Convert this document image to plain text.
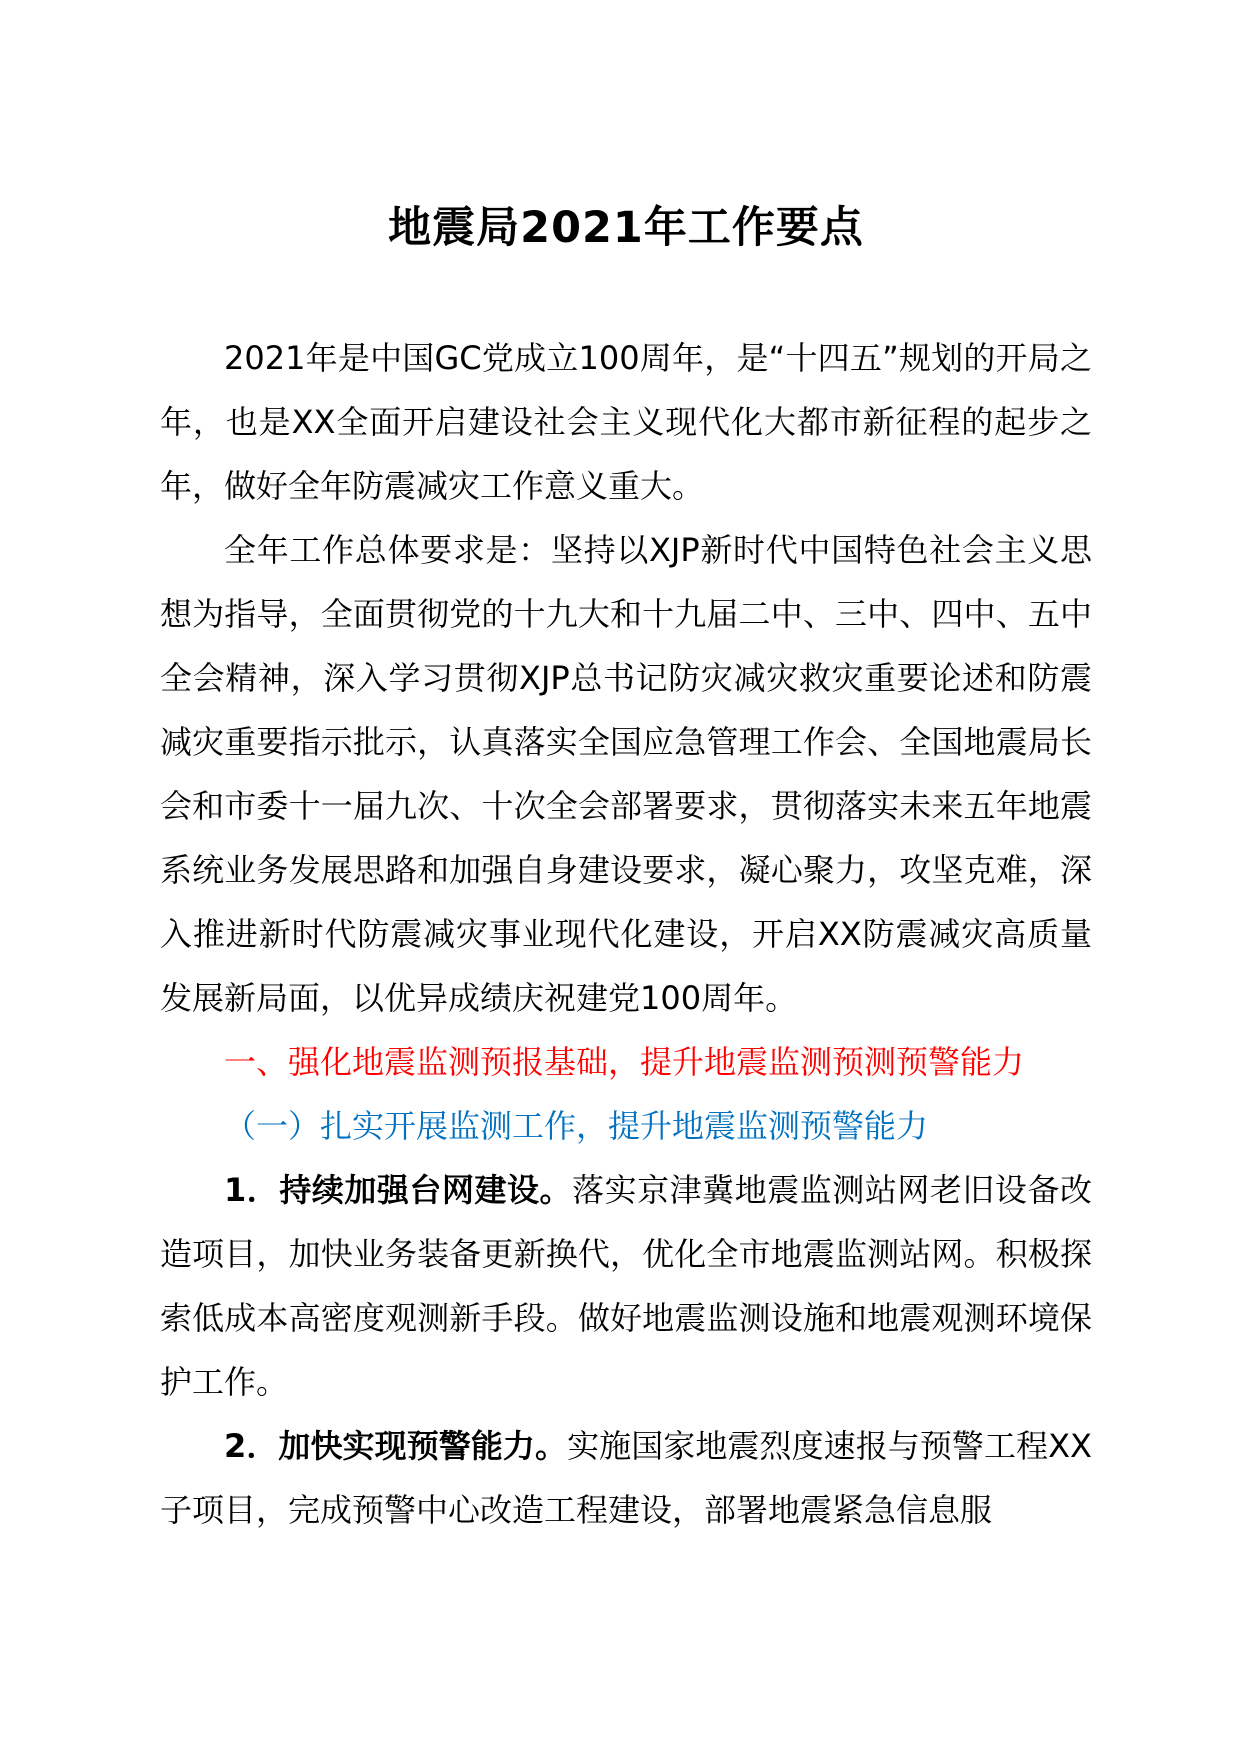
地震局2021年工作要点

2021年是中国GC党成立100周年，是“十四五”规划的开局之年，也是XX全面开启建设社会主义现代化大都市新征程的起步之年，做好全年防震减灾工作意义重大。

全年工作总体要求是：坚持以XJP新时代中国特色社会主义思想为指导，全面贯彻党的十九大和十九届二中、三中、四中、五中全会精神，深入学习贯彻XJP总书记防灾减灾救灾重要论述和防震减灾重要指示批示，认真落实全国应急管理工作会、全国地震局长会和市委十一届九次、十次全会部署要求，贯彻落实未来五年地震系统业务发展思路和加强自身建设要求，凝心聚力，攻坚克难，深入推进新时代防震减灾事业现代化建设，开启XX防震减灾高质量发展新局面，以优异成绩庆祝建党100周年。

一、强化地震监测预报基础，提升地震监测预测预警能力

（一）扎实开展监测工作，提升地震监测预警能力

1．持续加强台网建设。落实京津冀地震监测站网老旧设备改造项目，加快业务装备更新换代，优化全市地震监测站网。积极探索低成本高密度观测新手段。做好地震监测设施和地震观测环境保护工作。

2．加快实现预警能力。实施国家地震烈度速报与预警工程XX子项目，完成预警中心改造工程建设，部署地震紧急信息服
